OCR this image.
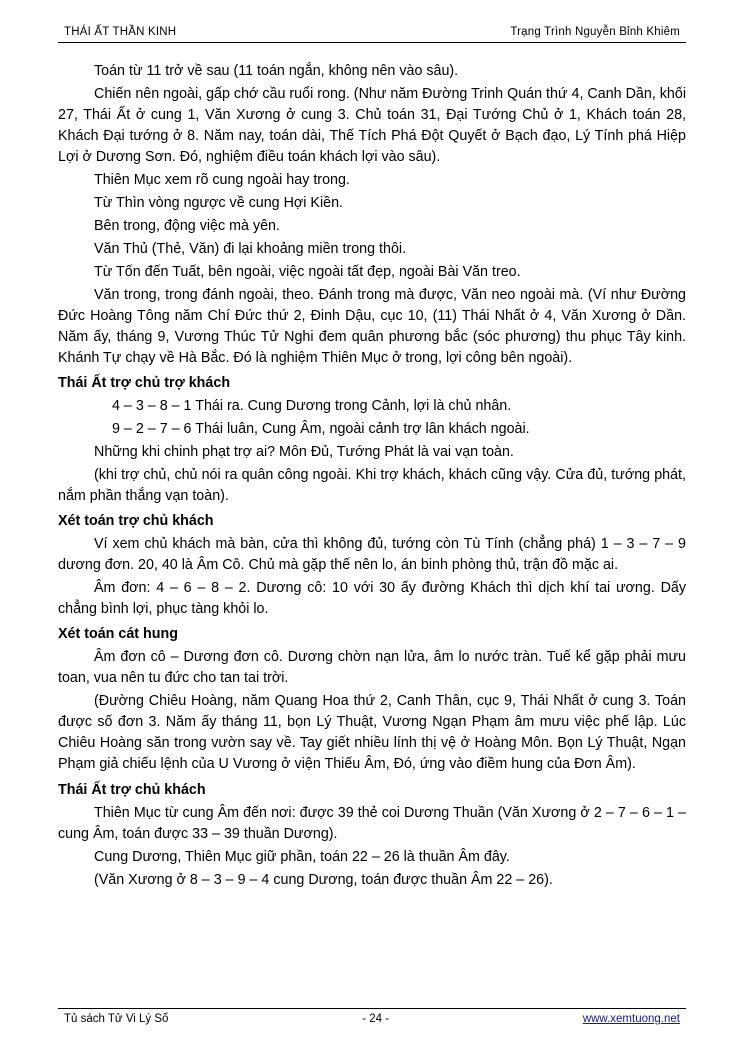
THÁI ẤT THẦN KINH	Trạng Trình Nguyễn Bỉnh Khiêm

Toán từ 11 trở về sau (11 toán ngắn, không nên vào sâu).

Chiến nên ngoài, gấp chớ cầu ruổi rong. (Như năm Đường Trinh Quán thứ 4, Canh Dần, khối 27, Thái Ất ở cung 1, Văn Xương ở cung 3. Chủ toán 31, Đại Tướng Chủ ở 1, Khách toán 28, Khách Đại tướng ở 8. Năm nay, toán dài, Thế Tích Phá Đột Quyết ở Bạch đạo, Lý Tính phá Hiệp Lợi ở Dương Sơn. Đó, nghiệm điều toán khách lợi vào sâu).

Thiên Mục xem rõ cung ngoài hay trong.

Từ Thìn vòng ngược về cung Hợi Kiền.

Bên trong, động việc mà yên.

Văn Thủ (Thẻ, Văn) đi lại khoảng miền trong thôi.

Từ Tốn đến Tuất, bên ngoài, việc ngoài tất đẹp, ngoài Bài Văn treo.

Văn trong, trong đánh ngoài, theo. Đánh trong mà được, Văn neo ngoài mà. (Ví như Đường Đức Hoàng Tông năm Chí Đức thứ 2, Đinh Dậu, cục 10, (11) Thái Nhất ở 4, Văn Xương ở Dần. Năm ấy, tháng 9, Vương Thúc Tử Nghi đem quân phương bắc (sóc phương) thu phục Tây kinh. Khánh Tự chạy về Hà Bắc. Đó là nghiệm Thiên Mục ở trong, lợi công bên ngoài).

Thái Ất trợ chủ trợ khách

4 – 3 – 8 – 1 Thái ra. Cung Dương trong Cảnh, lợi là chủ nhân.

9 – 2 – 7 – 6 Thái luân, Cung Âm, ngoài cảnh trợ lân khách ngoài.

Những khi chinh phạt trợ ai? Môn Đủ, Tướng Phát là vai vạn toàn.

(khi trợ chủ, chủ nói ra quân công ngoài. Khi trợ khách, khách cũng vậy. Cửa đủ, tướng phát, nắm phần thắng vạn toàn).

Xét toán trợ chủ khách

Ví xem chủ khách mà bàn, cửa thì không đủ, tướng còn Tù Tính (chẳng phá) 1 – 3 – 7 – 9 dương đơn. 20, 40 là Âm Cô. Chủ mà gặp thế nên lo, án binh phòng thủ, trận đồ mặc ai.

Âm đơn: 4 – 6 – 8 – 2. Dương cô: 10 với 30 ấy đường Khách thì dịch khí tai ương. Dấy chẳng bình lợi, phục tàng khỏi lo.

Xét toán cát hung

Âm đơn cô – Dương đơn cô. Dương chờn nạn lửa, âm lo nước tràn. Tuế kể gặp phải mưu toan, vua nên tu đức cho tan tai trời.

(Đường Chiêu Hoàng, năm Quang Hoa thứ 2, Canh Thân, cục 9, Thái Nhất ở cung 3. Toán được số đơn 3. Năm ấy tháng 11, bọn Lý Thuật, Vương Ngạn Phạm âm mưu việc phế lập. Lúc Chiêu Hoàng săn trong vườn say về. Tay giết nhiều lính thị vệ ở Hoàng Môn. Bọn Lý Thuật, Ngạn Phạm giả chiếu lệnh của U Vương ở viện Thiếu Âm, Đó, ứng vào điềm hung của Đơn Âm).

Thái Ất trợ chủ khách

Thiên Mục từ cung Âm đến nơi: được 39 thẻ coi Dương Thuần (Văn Xương ở 2 – 7 – 6 – 1 – cung Âm, toán được 33 – 39 thuần Dương).

Cung Dương, Thiên Mục giữ phần, toán 22 – 26 là thuần Âm đây.

(Văn Xương ở 8 – 3 – 9 – 4 cung Dương, toán được thuần Âm 22 – 26).

Tủ sách Tử Vi Lý Số	- 24 -	www.xemtuong.net
